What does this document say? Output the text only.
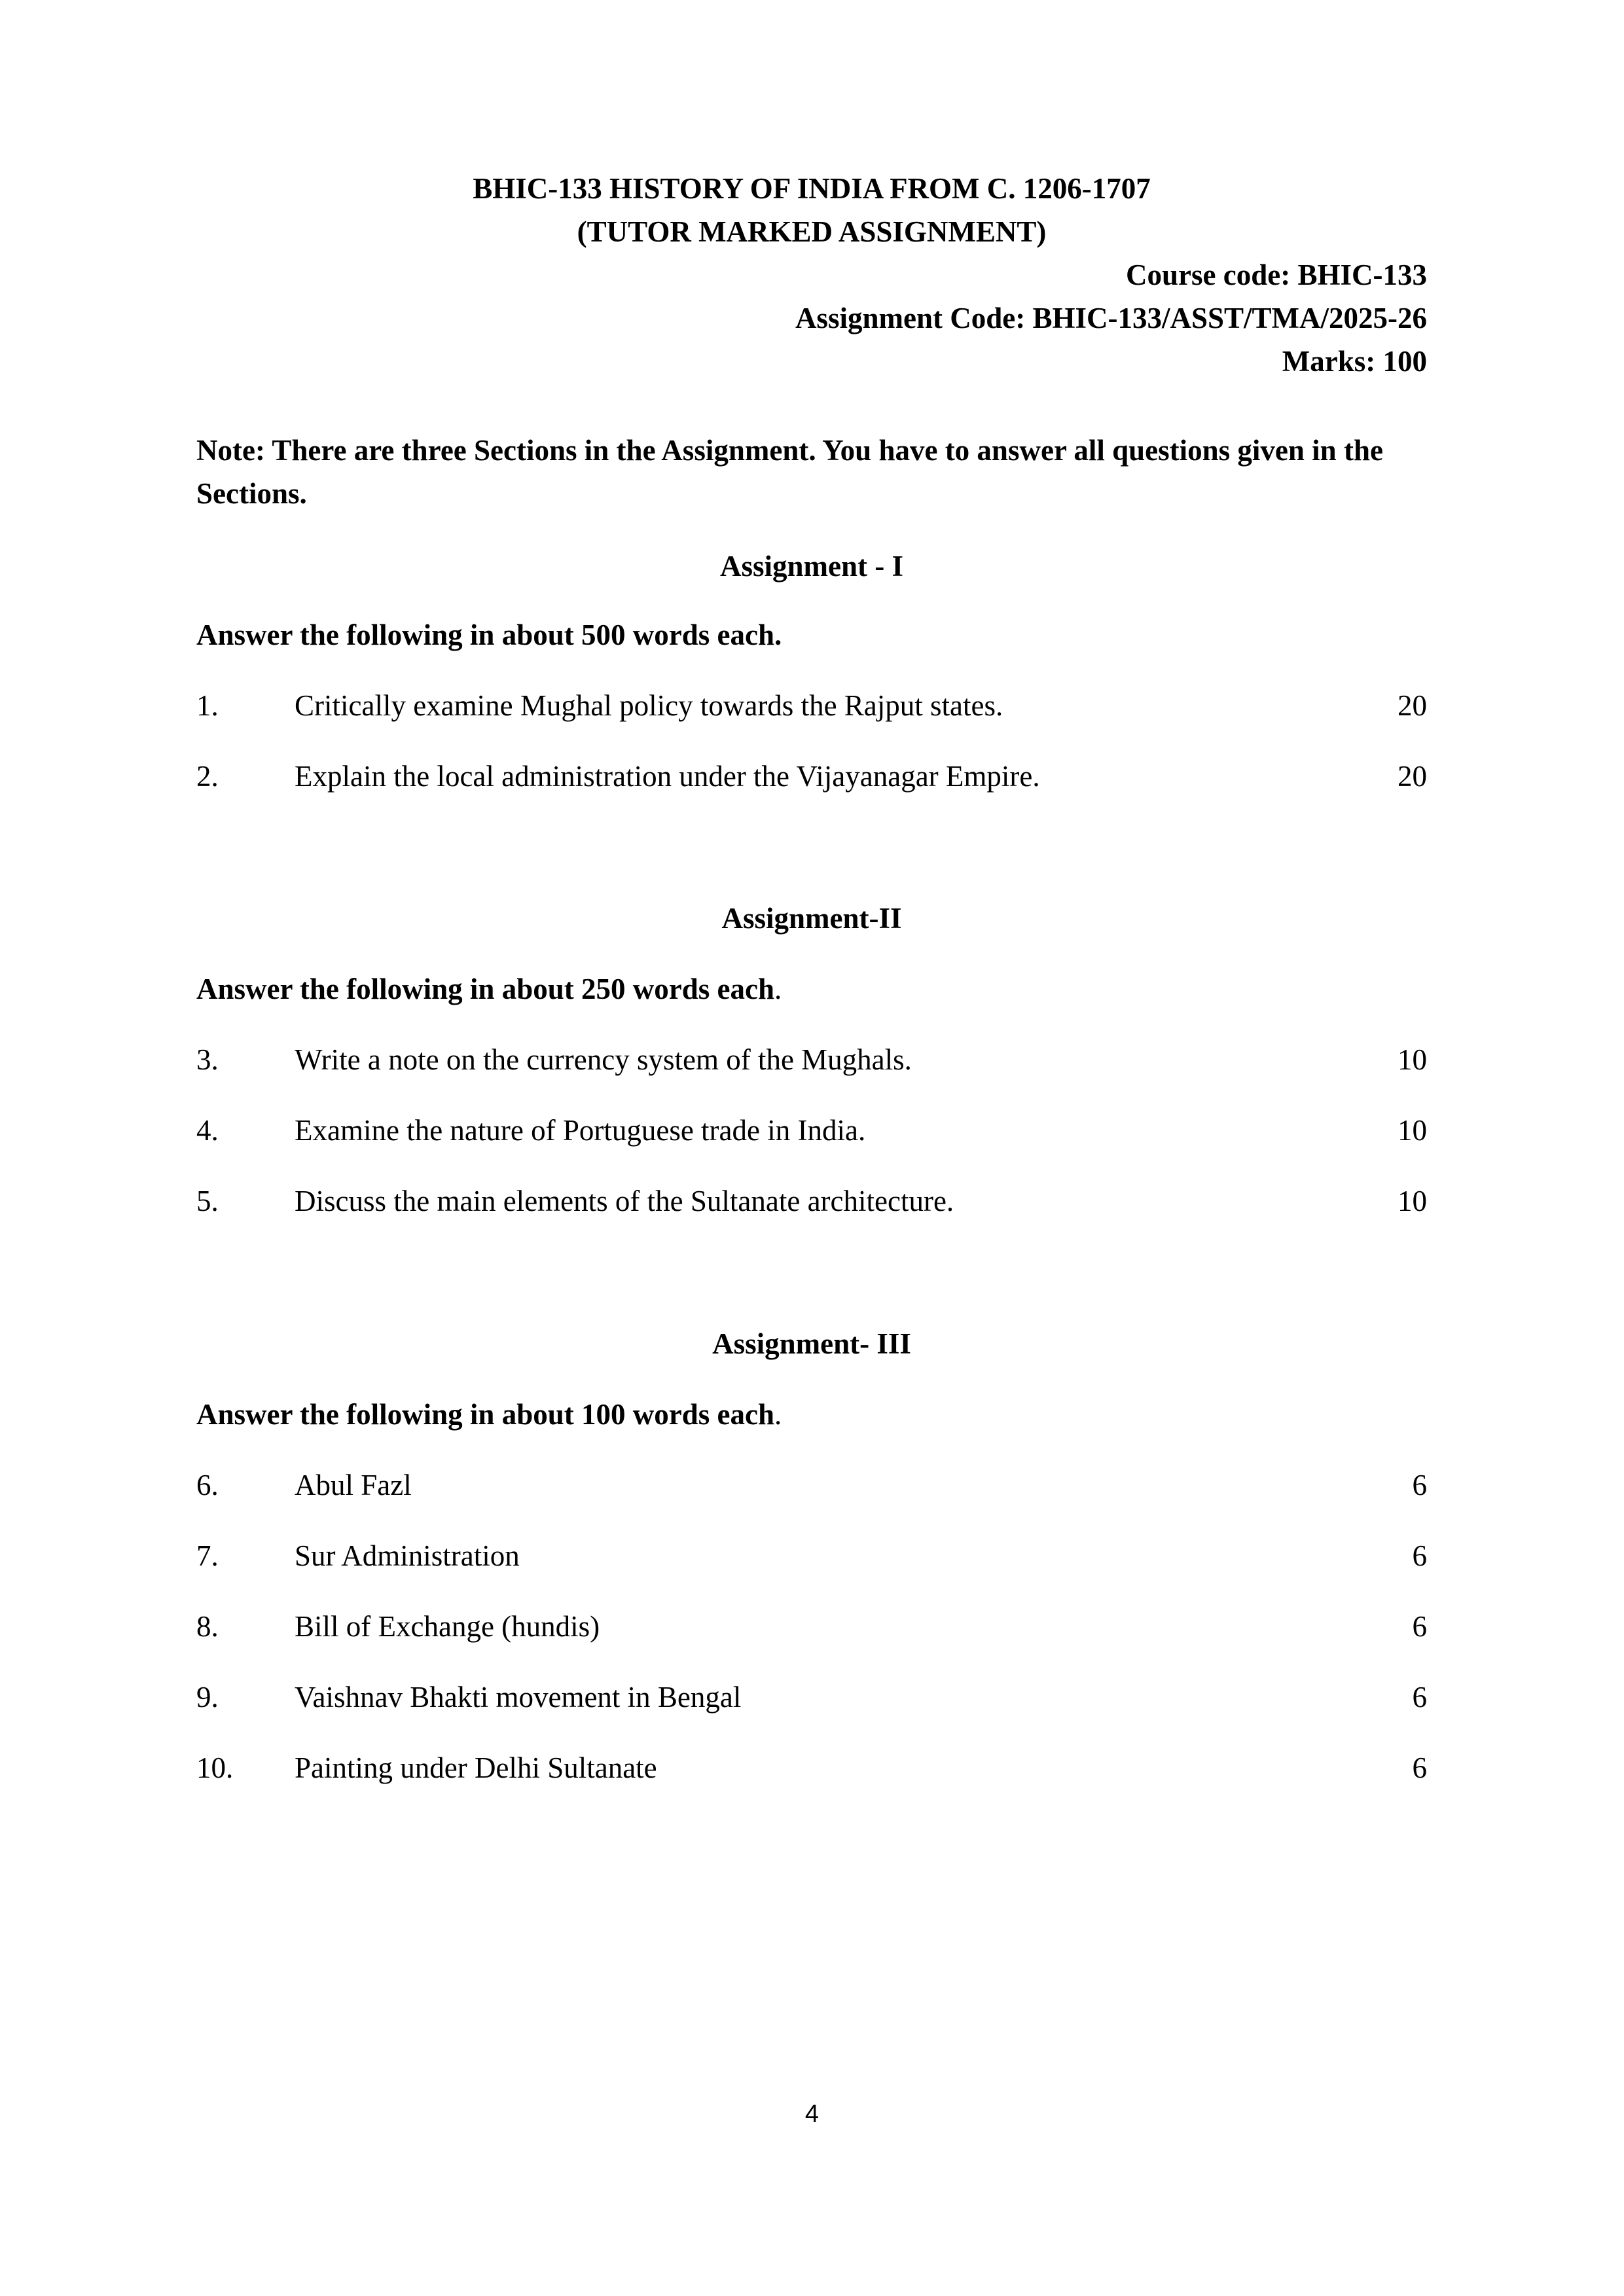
BHIC-133 HISTORY OF INDIA FROM C. 1206-1707

(TUTOR MARKED ASSIGNMENT)

Course code: BHIC-133

Assignment Code: BHIC-133/ASST/TMA/2025-26

Marks: 100

Note: There are three Sections in the Assignment. You have to answer all questions given in the Sections.
Assignment - I
Answer the following in about 500 words each.
1.	Critically examine Mughal policy towards the Rajput states.	20
2.	Explain the local administration under the Vijayanagar Empire.	20
Assignment-II
Answer the following in about 250 words each.
3.	Write a note on the currency system of the Mughals.	10
4.	Examine the nature of Portuguese trade in India.	10
5.	Discuss the main elements of the Sultanate architecture.	10
Assignment- III
Answer the following in about 100 words each.
6.	Abul Fazl	6
7.	Sur Administration	6
8.	Bill of Exchange (hundis)	6
9.	Vaishnav Bhakti movement in Bengal	6
10. Painting under Delhi Sultanate	6
4
